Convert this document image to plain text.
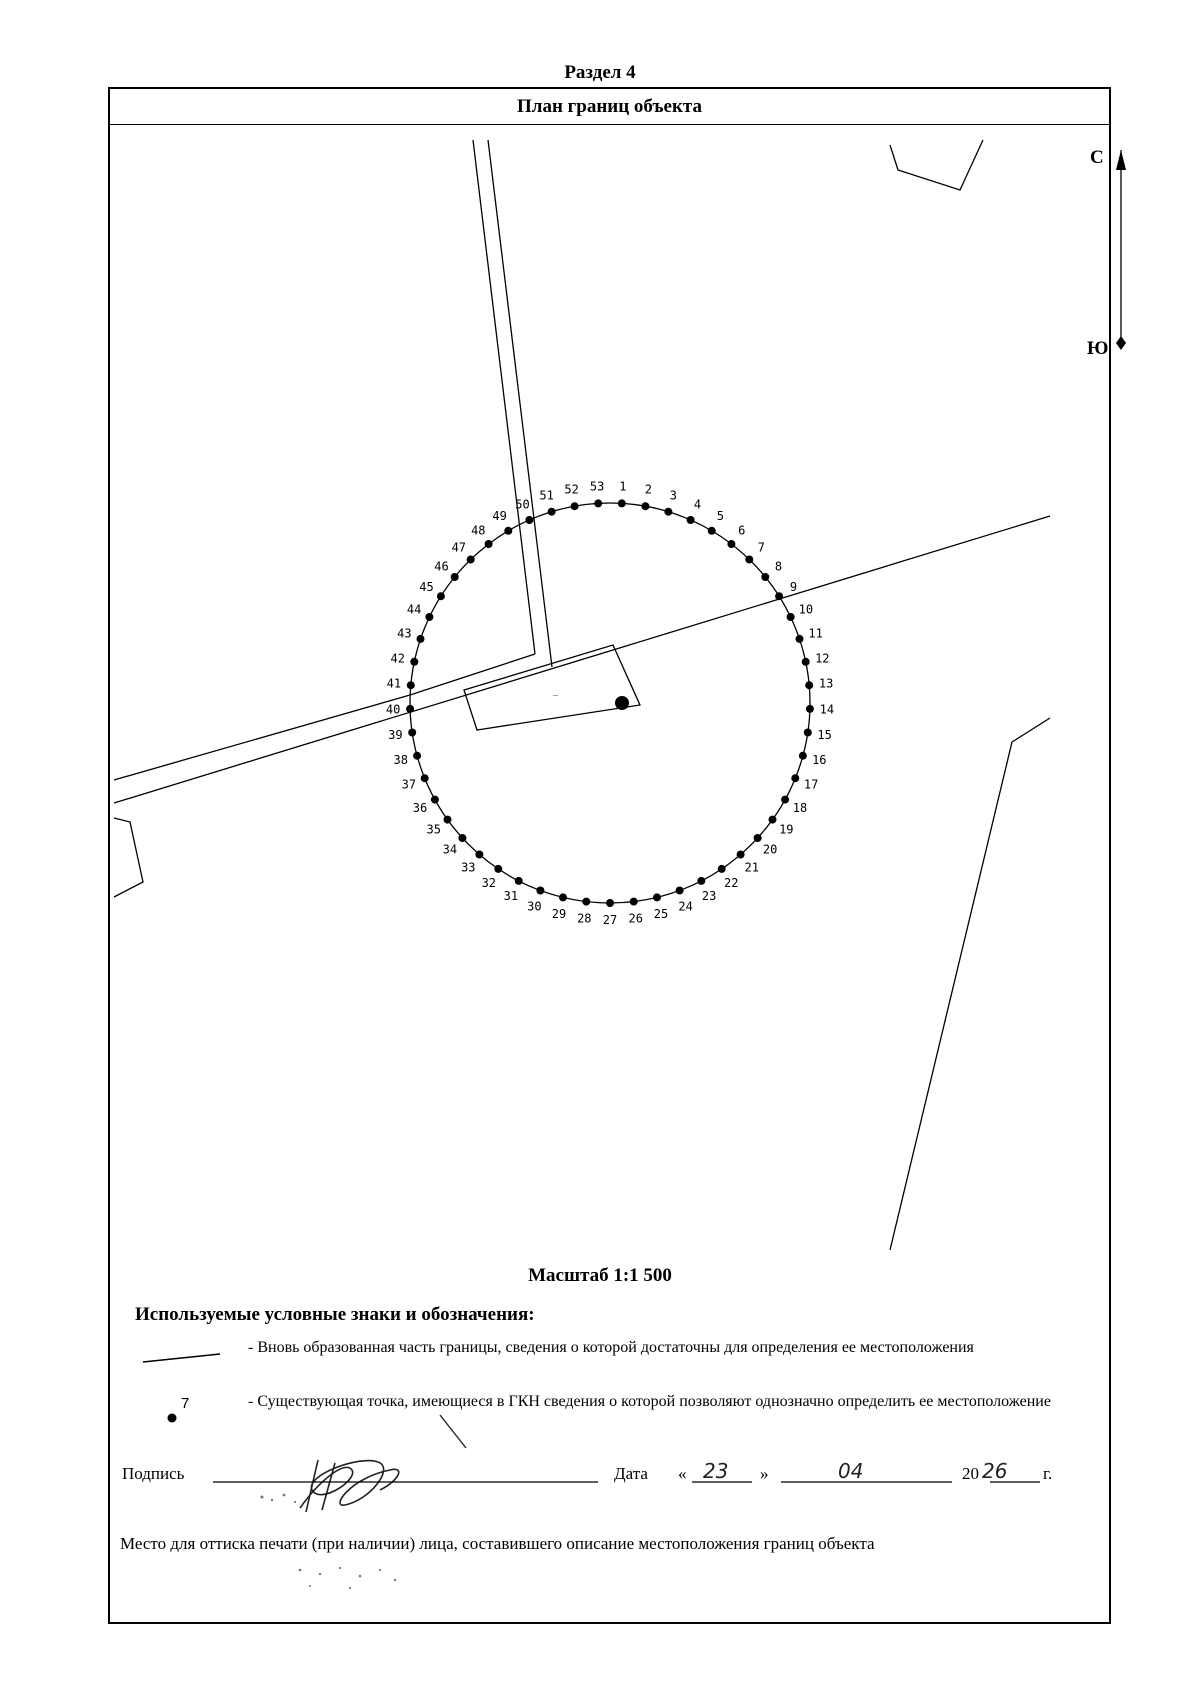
Раздел 4
План границ объекта
С
Ю
—
1 2 3
4
5
6
7
8
9
10
11
12
13
14
15
16
17
18
19
20
21
22
23
24
25
26
27
28
29
30
31
32
33
34
35
36
37
38
39
40
41
42
43
44
45
46
47
48
49
50
51 52 53
7
Масштаб 1:1 500
Используемые условные знаки и обозначения:
- Вновь образованная часть границы, сведения о которой достаточны для определения ее местоположения
- Существующая точка, имеющиеся в ГКН сведения о которой позволяют однозначно определить ее местоположение
Подпись	Дата « 23 »	04	20 26 г.
Место для оттиска печати (при наличии) лица, составившего описание местоположения границ объекта
